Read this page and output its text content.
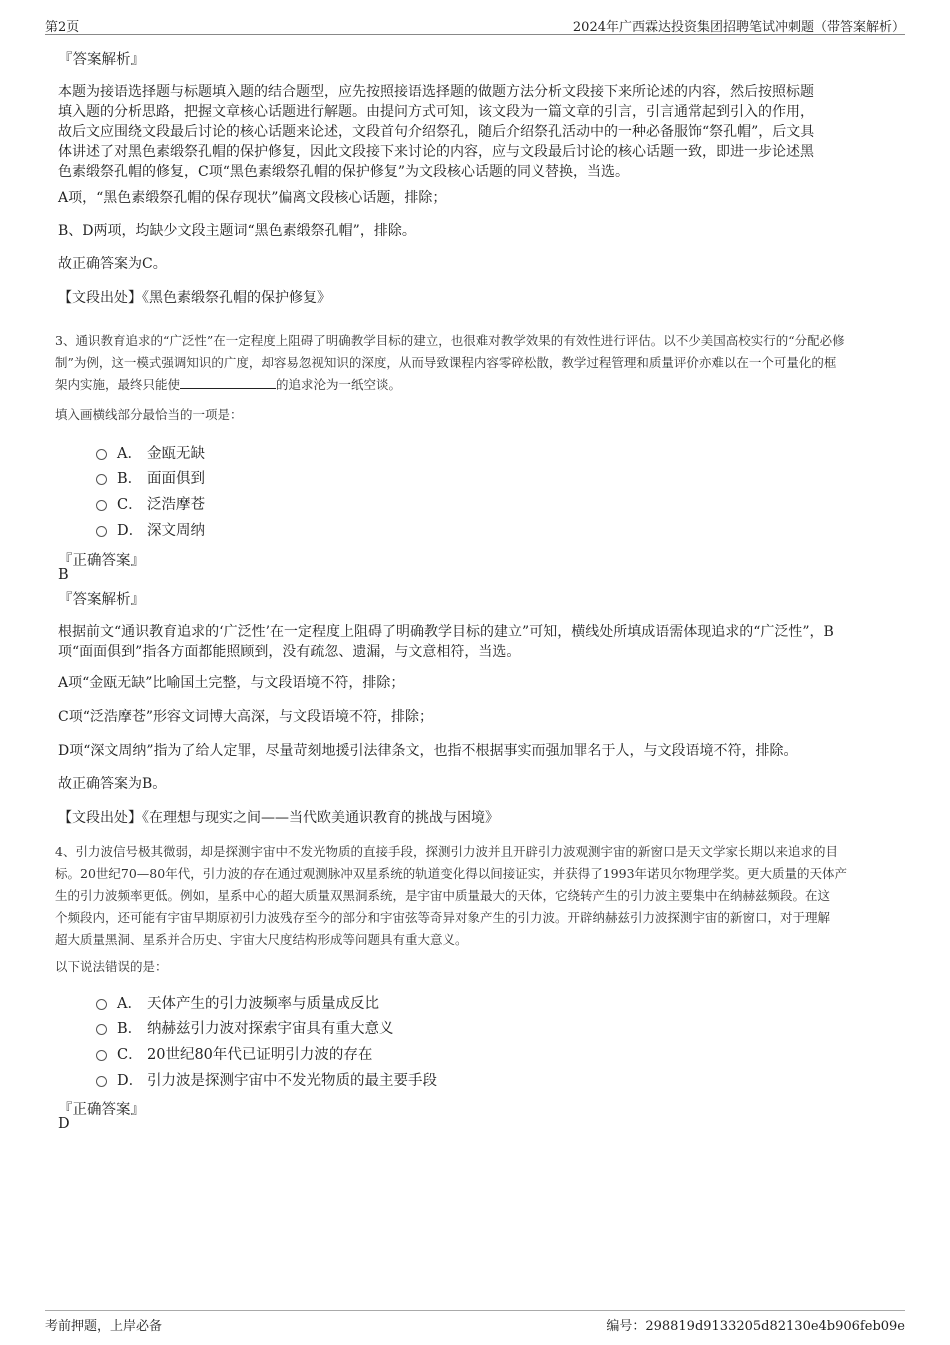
第2页	2024年广西霖达投资集团招聘笔试冲刺题（带答案解析）
『答案解析』
本题为接语选择题与标题填入题的结合题型，应先按照接语选择题的做题方法分析文段接下来所论述的内容，然后按照标题
填入题的分析思路，把握文章核心话题进行解题。由提问方式可知，该文段为一篇文章的引言，引言通常起到引入的作用，
故后文应围绕文段最后讨论的核心话题来论述，文段首句介绍祭孔，随后介绍祭孔活动中的一种必备服饰“祭孔帽”，后文具
体讲述了对黑色素缎祭孔帽的保护修复，因此文段接下来讨论的内容，应与文段最后讨论的核心话题一致，即进一步论述黑
色素缎祭孔帽的修复，C项“黑色素缎祭孔帽的保护修复”为文段核心话题的同义替换，当选。
A项，“黑色素缎祭孔帽的保存现状”偏离文段核心话题，排除；
B、D两项，均缺少文段主题词“黑色素缎祭孔帽”，排除。
故正确答案为C。
【文段出处】《黑色素缎祭孔帽的保护修复》
3、通识教育追求的“广泛性”在一定程度上阻碍了明确教学目标的建立，也很难对教学效果的有效性进行评估。以不少美国高校实行的“分配必修
制”为例，这一模式强调知识的广度，却容易忽视知识的深度，从而导致课程内容零碎松散，教学过程管理和质量评价亦难以在一个可量化的框
架内实施，最终只能使	的追求沦为一纸空谈。
填入画横线部分最恰当的一项是：
A． 金瓯无缺
B． 面面俱到
C． 泛浩摩苍
D． 深文周纳
『正确答案』
B
『答案解析』
根据前文“通识教育追求的‘广泛性’在一定程度上阻碍了明确教学目标的建立”可知，横线处所填成语需体现追求的“广泛性”，B
项“面面俱到”指各方面都能照顾到，没有疏忽、遗漏，与文意相符，当选。
A项“金瓯无缺”比喻国土完整，与文段语境不符，排除；
C项“泛浩摩苍”形容文词博大高深，与文段语境不符，排除；
D项“深文周纳”指为了给人定罪，尽量苛刻地援引法律条文，也指不根据事实而强加罪名于人，与文段语境不符，排除。
故正确答案为B。
【文段出处】《在理想与现实之间——当代欧美通识教育的挑战与困境》
4、引力波信号极其微弱，却是探测宇宙中不发光物质的直接手段，探测引力波并且开辟引力波观测宇宙的新窗口是天文学家长期以来追求的目
标。20世纪70—80年代，引力波的存在通过观测脉冲双星系统的轨道变化得以间接证实，并获得了1993年诺贝尔物理学奖。更大质量的天体产
生的引力波频率更低。例如，星系中心的超大质量双黑洞系统，是宇宙中质量最大的天体，它绕转产生的引力波主要集中在纳赫兹频段。在这
个频段内，还可能有宇宙早期原初引力波残存至今的部分和宇宙弦等奇异对象产生的引力波。开辟纳赫兹引力波探测宇宙的新窗口，对于理解
超大质量黑洞、星系并合历史、宇宙大尺度结构形成等问题具有重大意义。
以下说法错误的是：
A． 天体产生的引力波频率与质量成反比
B． 纳赫兹引力波对探索宇宙具有重大意义
C． 20世纪80年代已证明引力波的存在
D． 引力波是探测宇宙中不发光物质的最主要手段
『正确答案』
D
考前押题，上岸必备	编号：298819d9133205d82130e4b906feb09e
